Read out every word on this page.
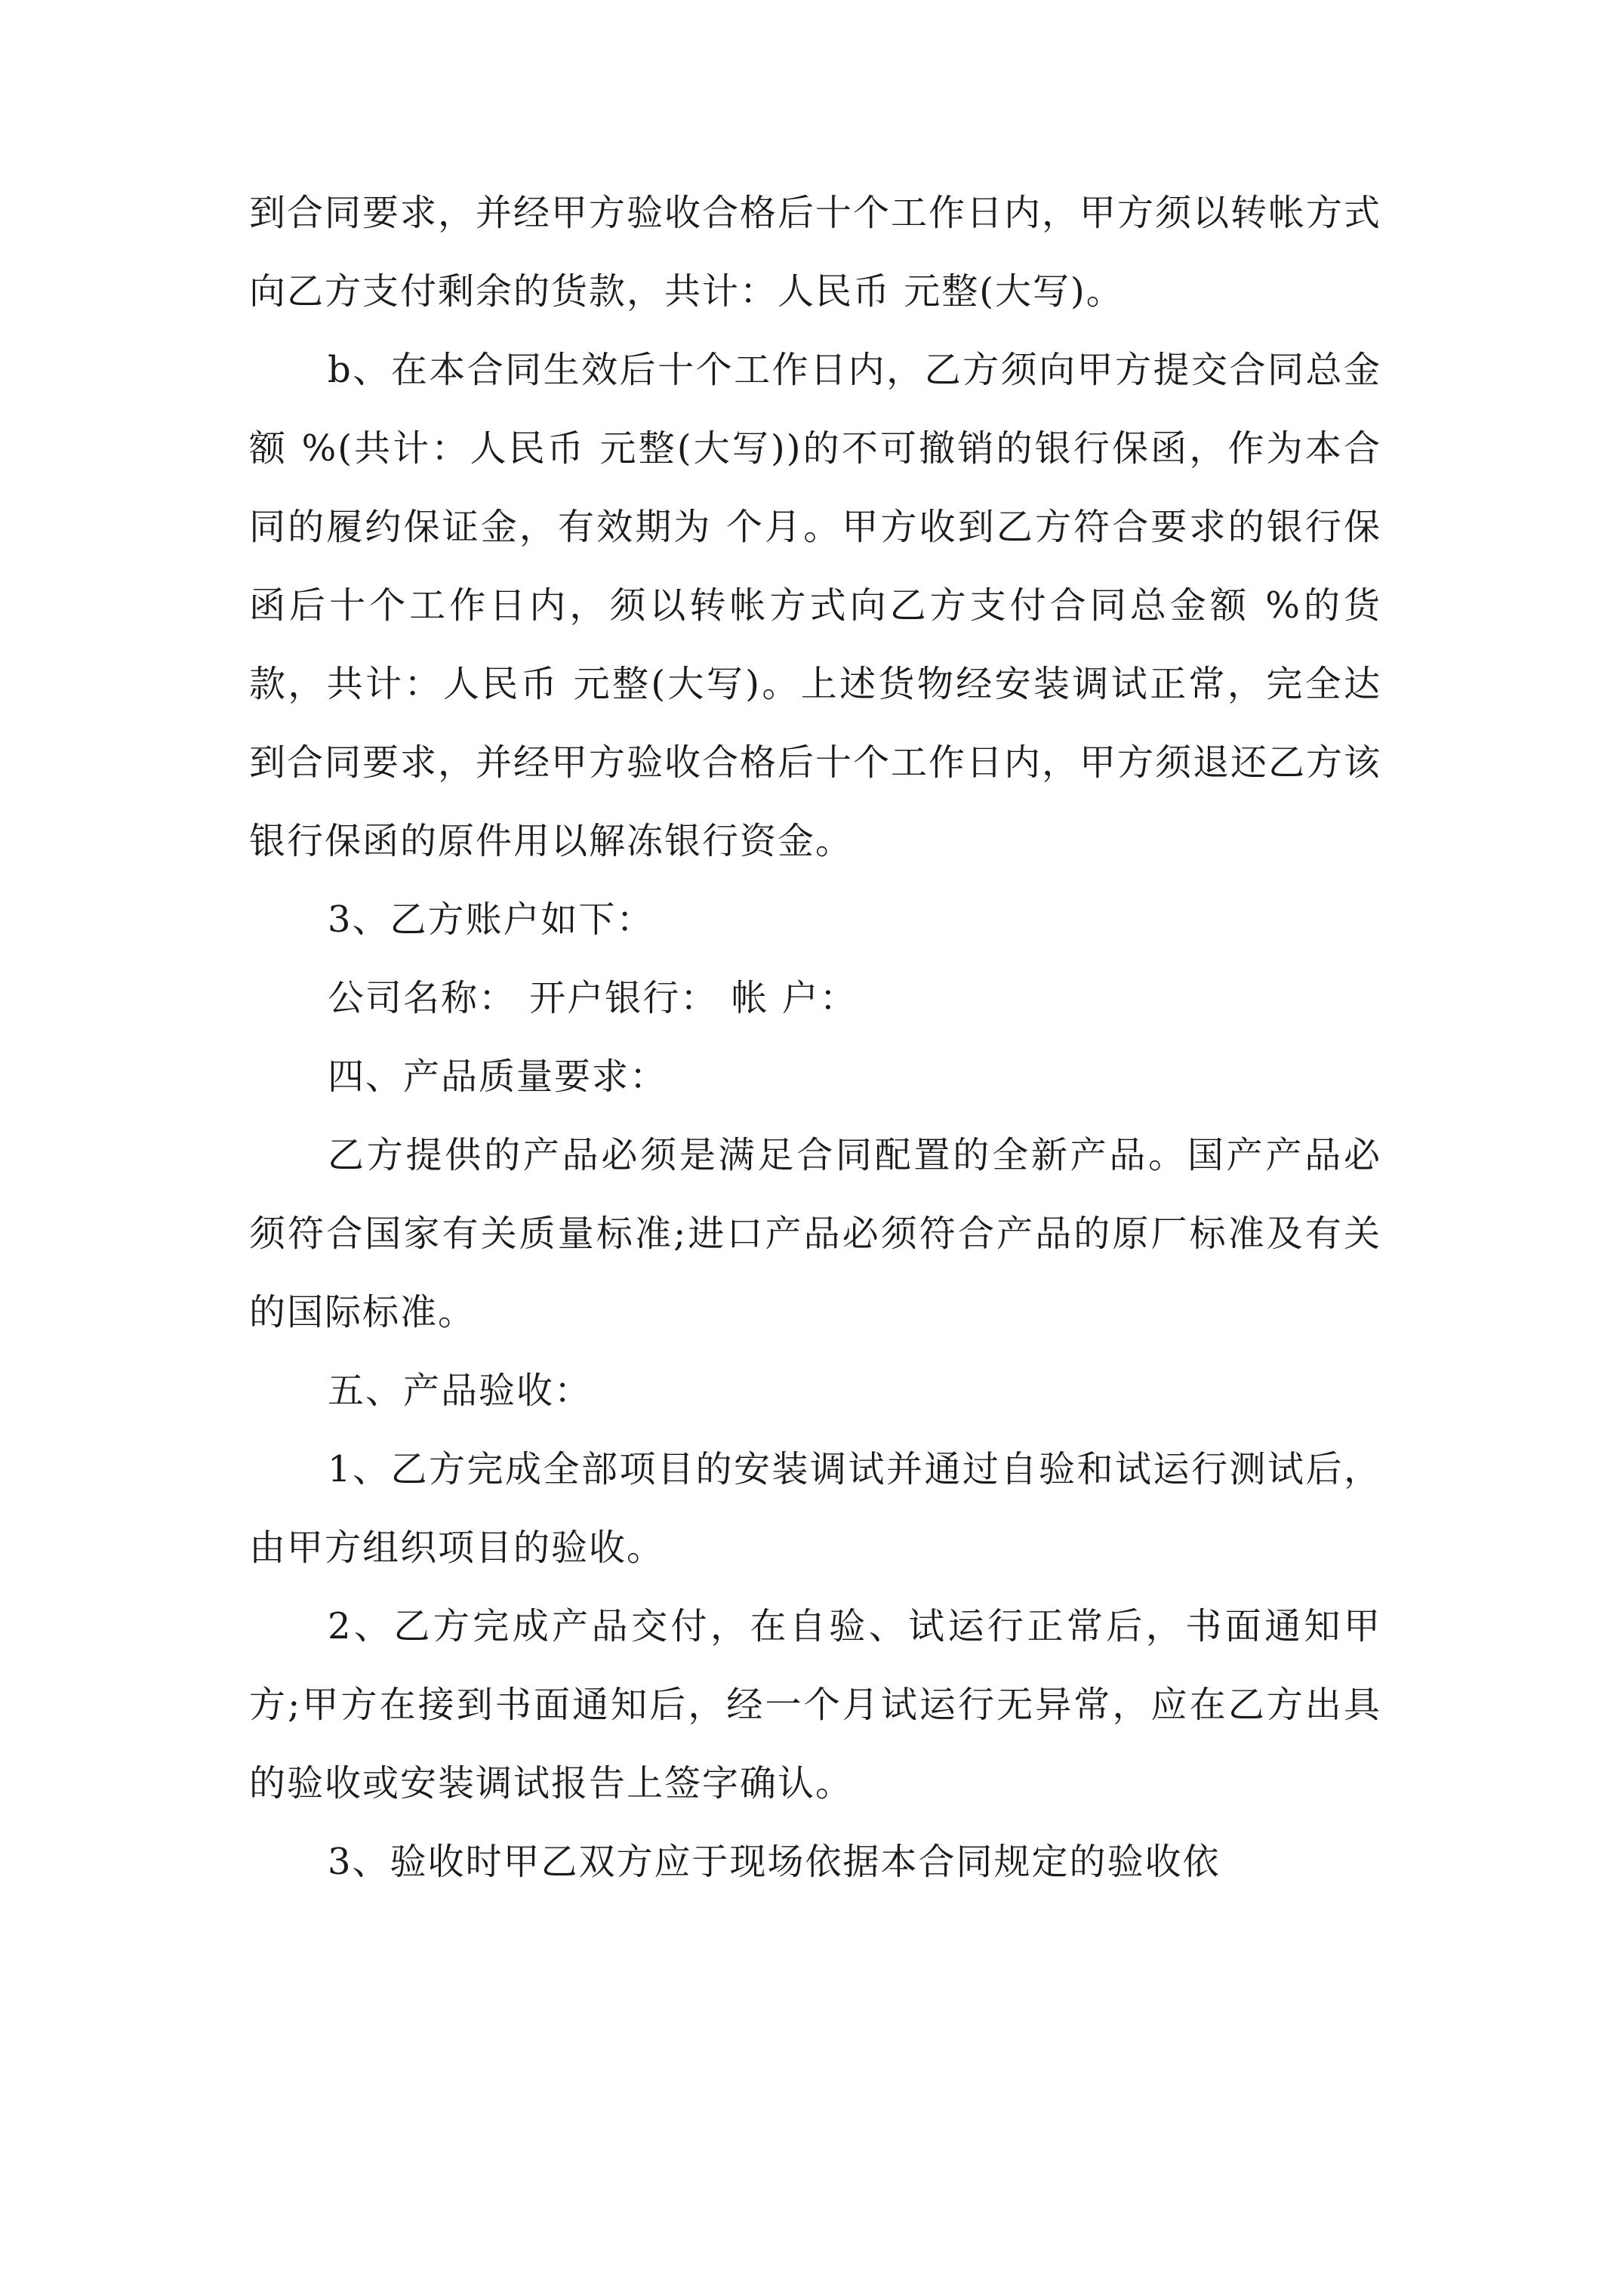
到合同要求，并经甲方验收合格后十个工作日内，甲方须以转帐方式向乙方支付剩余的货款，共计：人民币 元整(大写)。

b、在本合同生效后十个工作日内，乙方须向甲方提交合同总金额 %(共计：人民币 元整(大写))的不可撤销的银行保函，作为本合同的履约保证金，有效期为 个月。甲方收到乙方符合要求的银行保函后十个工作日内，须以转帐方式向乙方支付合同总金额 %的货款，共计：人民币 元整(大写)。上述货物经安装调试正常，完全达到合同要求，并经甲方验收合格后十个工作日内，甲方须退还乙方该银行保函的原件用以解冻银行资金。

3、乙方账户如下：

公司名称： 开户银行： 帐 户：

四、产品质量要求：

乙方提供的产品必须是满足合同配置的全新产品。国产产品必须符合国家有关质量标准;进口产品必须符合产品的原厂标准及有关的国际标准。

五、产品验收：

1、乙方完成全部项目的安装调试并通过自验和试运行测试后，由甲方组织项目的验收。

2、乙方完成产品交付，在自验、试运行正常后，书面通知甲方;甲方在接到书面通知后，经一个月试运行无异常，应在乙方出具的验收或安装调试报告上签字确认。

3、验收时甲乙双方应于现场依据本合同规定的验收依
